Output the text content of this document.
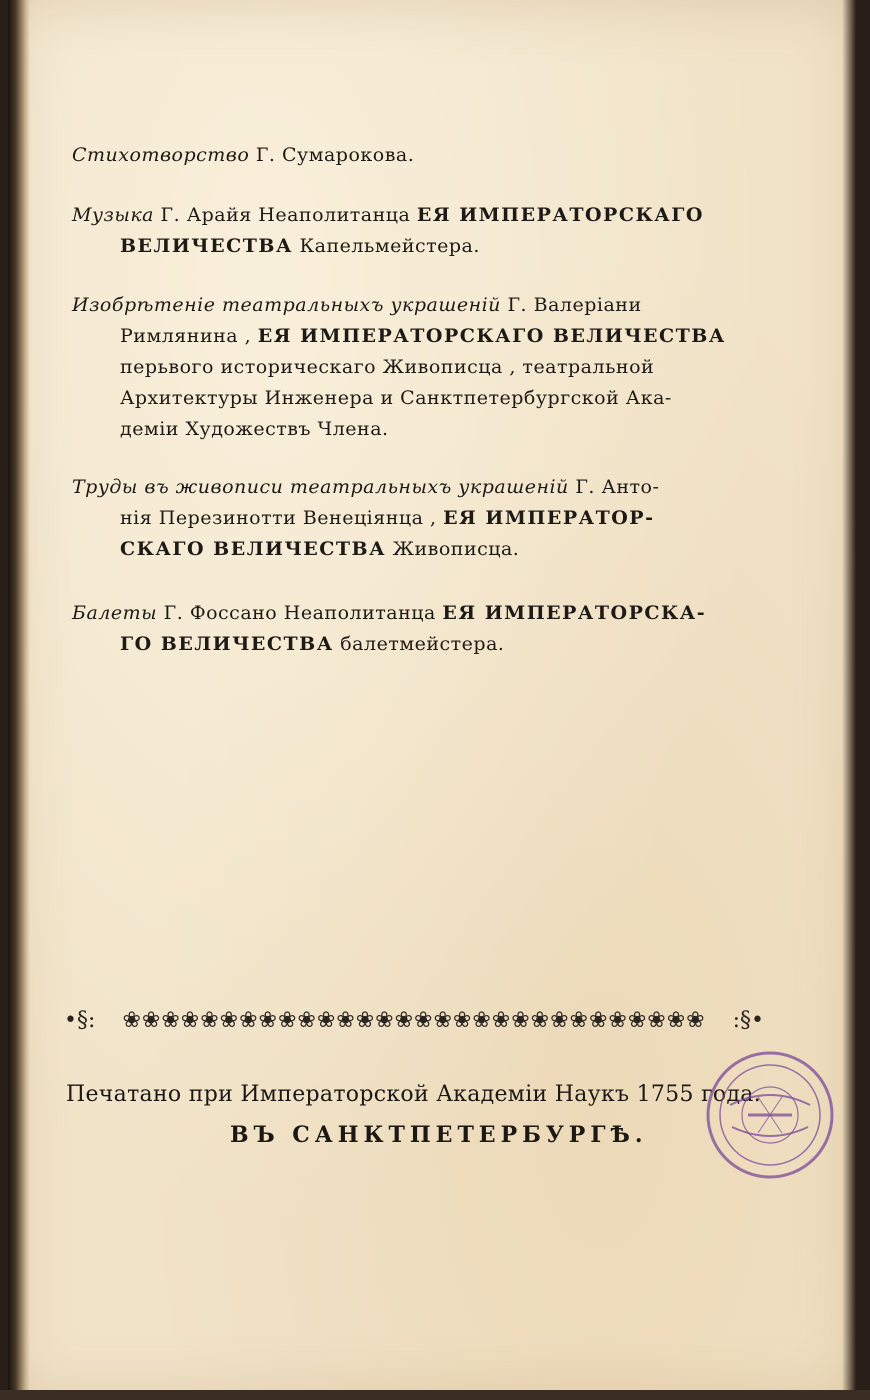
Стихотворство Г. Сумарокова.
Музыка Г. Арайя Неаполитанца ЕЯ ИМПЕРАТОРСКАГО
ВЕЛИЧЕСТВА Капельмейстера.
Изобрѣтеніе театральныхъ украшеній Г. Валеріани
Римлянина , ЕЯ ИМПЕРАТОРСКАГО ВЕЛИЧЕСТВА
перьвого историческаго Живописца , театральной
Архитектуры Инженера и Санктпетербургской Ака-
деміи Художествъ Члена.
Труды въ живописи театральныхъ украшеній Г. Анто-
нія Перезинотти Венеціянца , ЕЯ ИМПЕРАТОР-
СКАГО ВЕЛИЧЕСТВА Живописца.
Балеты Г. Фоссано Неаполитанца ЕЯ ИМПЕРАТОРСКА-
ГО ВЕЛИЧЕСТВА балетмейстера.
•§: ❀❀❀❀❀❀❀❀❀❀❀❀❀❀❀❀❀❀❀❀❀❀❀❀❀❀❀❀❀❀ :§•
Печатано при Императорской Академіи Наукъ 1755 года.
ВЪ САНКТПЕТЕРБУРГѢ.
